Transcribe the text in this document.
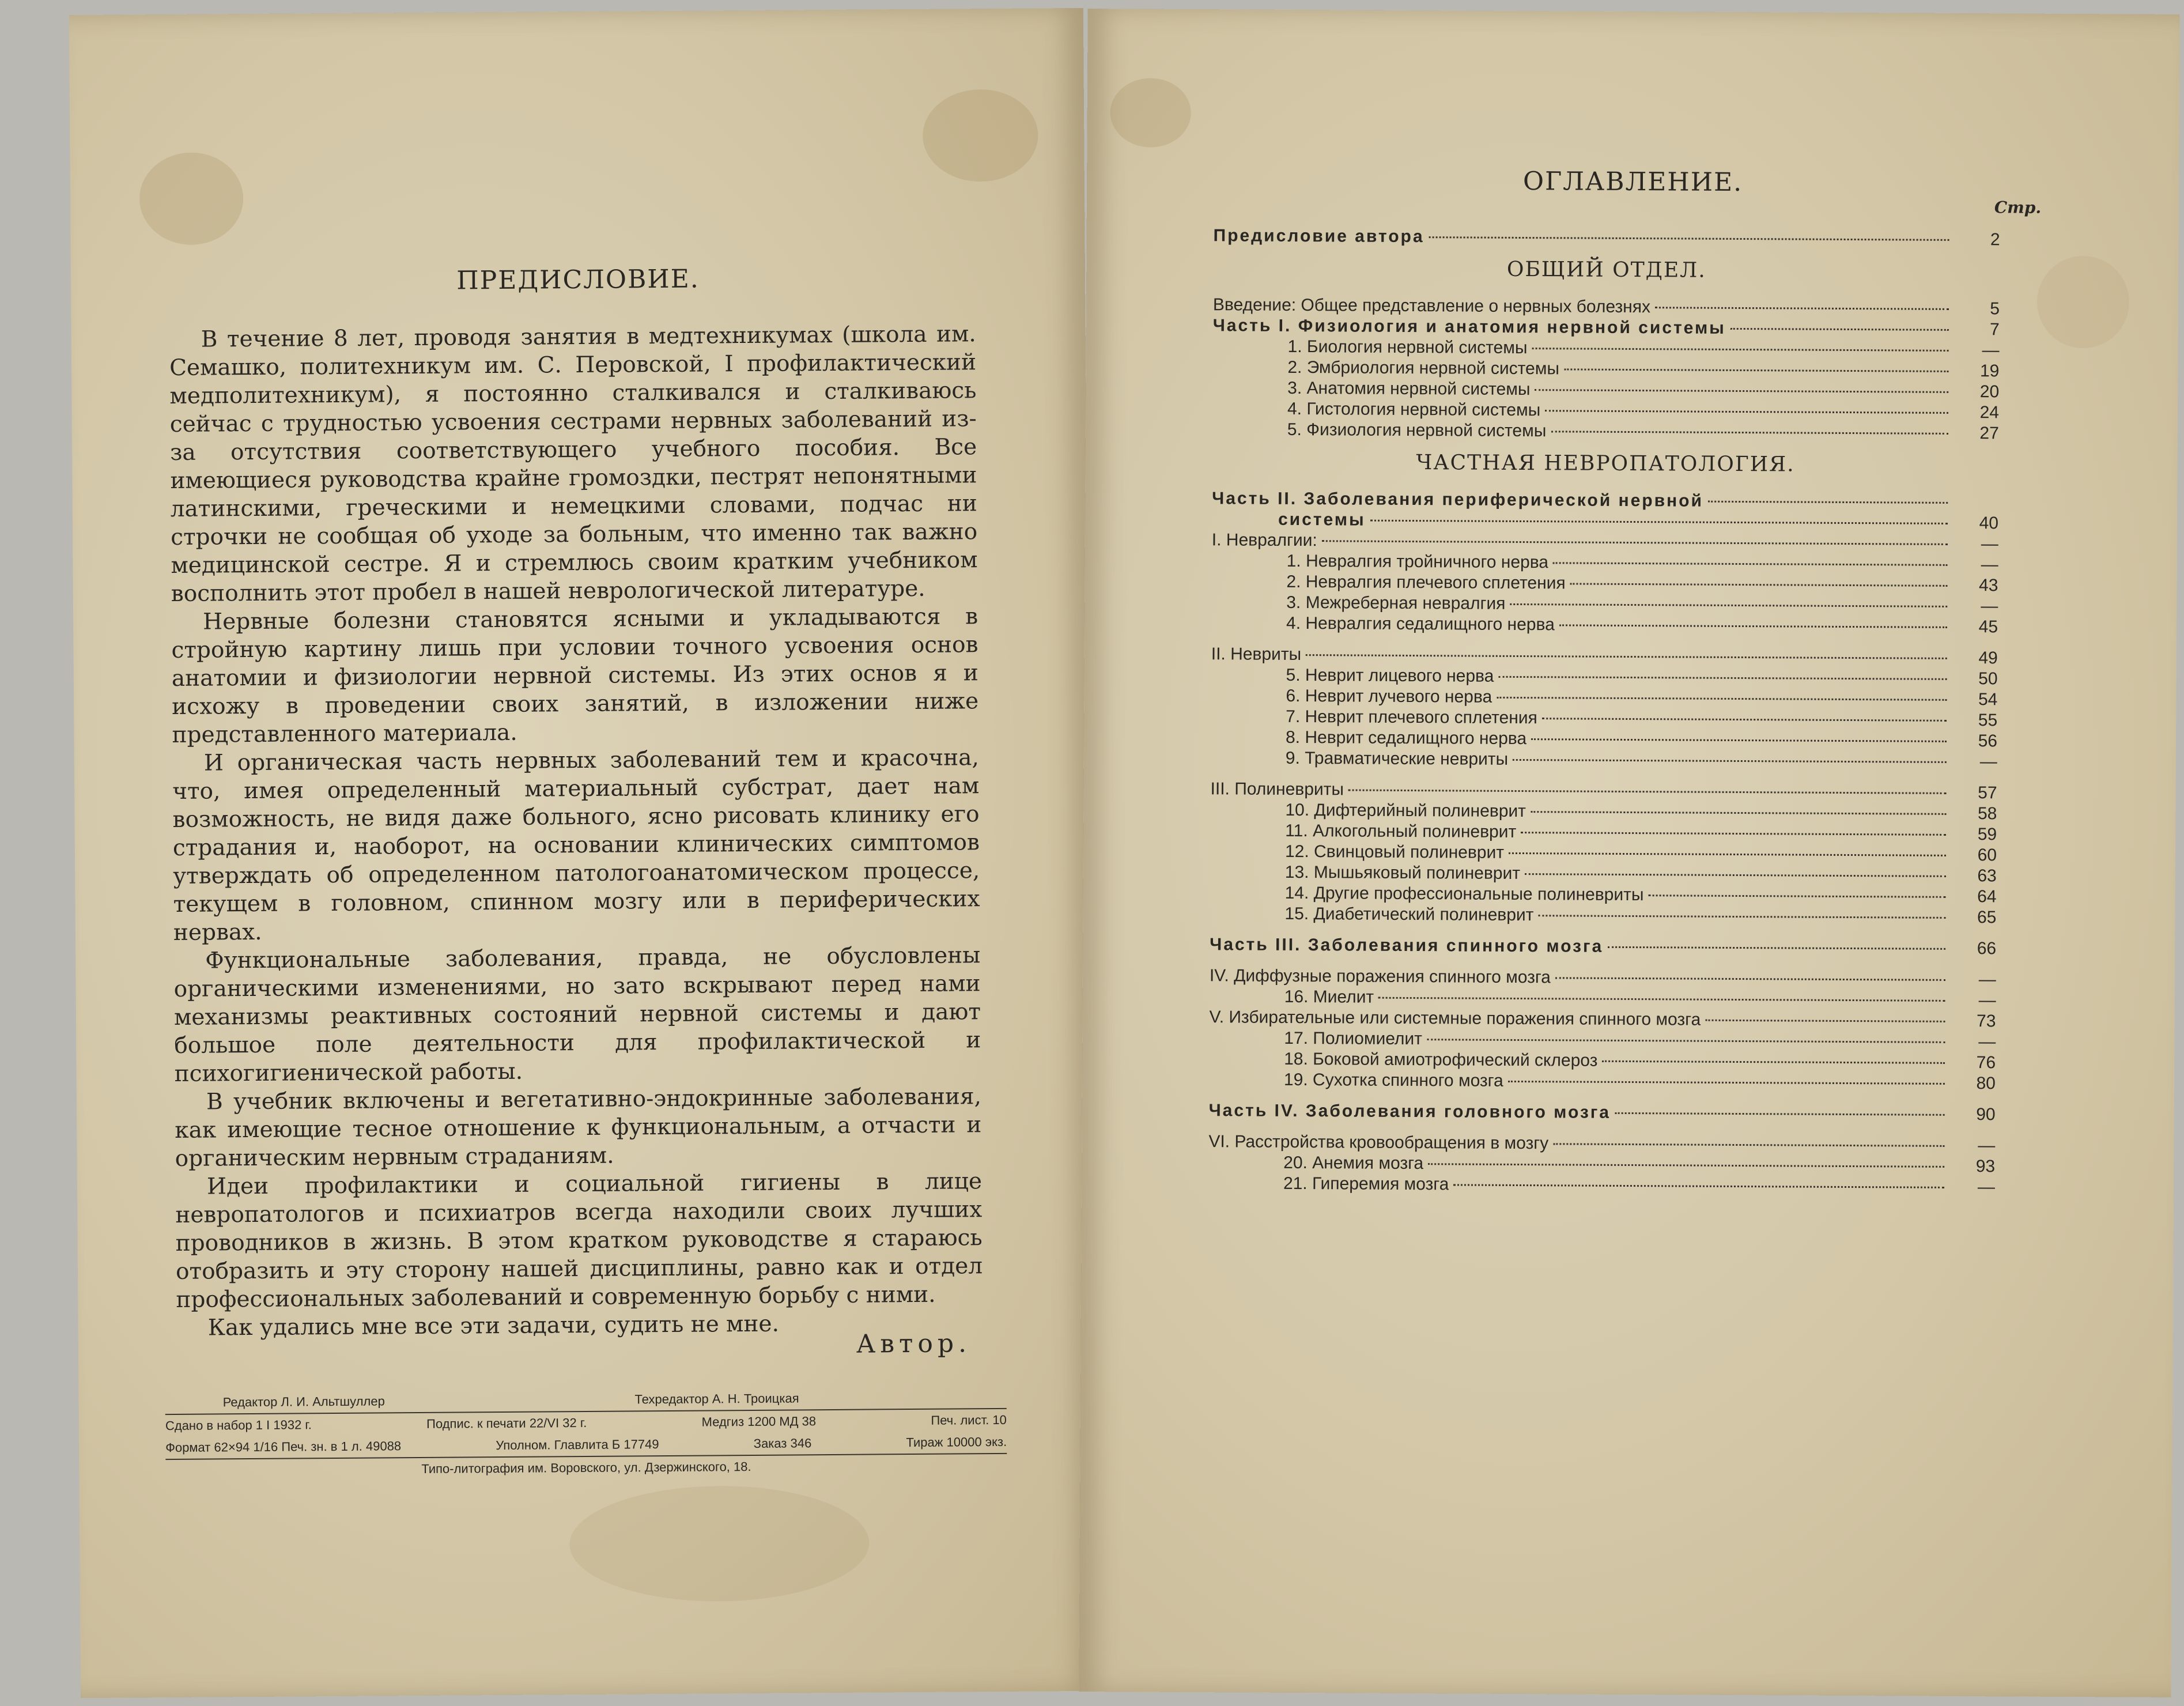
ПРЕДИСЛОВИЕ.

В течение 8 лет, проводя занятия в медтехникумах (школа им. Семашко, политехникум им. С. Перовской, I профилактический медполитехникум), я постоянно сталкивался и сталкиваюсь сейчас с трудностью усвоения сестрами нервных заболеваний из-за отсутствия соответствующего учебного пособия. Все имеющиеся руководства крайне громоздки, пестрят непонятными латинскими, греческими и немецкими словами, подчас ни строчки не сообщая об уходе за больным, что именно так важно медицинской сестре. Я и стремлюсь своим кратким учебником восполнить этот пробел в нашей неврологической литературе.

Нервные болезни становятся ясными и укладываются в стройную картину лишь при условии точного усвоения основ анатомии и физиологии нервной системы. Из этих основ я и исхожу в проведении своих занятий, в изложении ниже представленного материала.

И органическая часть нервных заболеваний тем и красочна, что, имея определенный материальный субстрат, дает нам возможность, не видя даже больного, ясно рисовать клинику его страдания и, наоборот, на основании клинических симптомов утверждать об определенном патологоанатомическом процессе, текущем в головном, спинном мозгу или в периферических нервах.

Функциональные заболевания, правда, не обусловлены органическими изменениями, но зато вскрывают перед нами механизмы реактивных состояний нервной системы и дают большое поле деятельности для профилактической и психогигиенической работы.

В учебник включены и вегетативно-эндокринные заболевания, как имеющие тесное отношение к функциональным, а отчасти и органическим нервным страданиям.

Идеи профилактики и социальной гигиены в лице невропатологов и психиатров всегда находили своих лучших проводников в жизнь. В этом кратком руководстве я стараюсь отобразить и эту сторону нашей дисциплины, равно как и отдел профессиональных заболеваний и современную борьбу с ними.

Как удались мне все эти задачи, судить не мне.

Автор.
Редактор Л. И. Альтшуллер	Техредактор А. Н. Троицкая
Сдано в набор 1 I 1932 г.	Подпис. к печати 22/VI 32 г.	Медгиз 1200 МД 38	Печ. лист. 10
Формат 62×94 1/16 Печ. зн. в 1 л. 49088	Уполном. Главлита Б 17749	Заказ 346	Тираж 10000 экз.
Типо-литография им. Воровского, ул. Дзержинского, 18.
ОГЛАВЛЕНИЕ.
Стр.
Предисловие автора	2
ОБЩИЙ ОТДЕЛ.
Введение: Общее представление о нервных болезнях	5
Часть I. Физиология и анатомия нервной системы	7
1. Биология нервной системы	—
2. Эмбриология нервной системы	19
3. Анатомия нервной системы	20
4. Гистология нервной системы	24
5. Физиология нервной системы	27
ЧАСТНАЯ НЕВРОПАТОЛОГИЯ.
Часть II. Заболевания периферической нервной
системы	40
I. Невралгии:	—
1. Невралгия тройничного нерва	—
2. Невралгия плечевого сплетения	43
3. Межреберная невралгия	—
4. Невралгия седалищного нерва	45
II. Невриты	49
5. Неврит лицевого нерва	50
6. Неврит лучевого нерва	54
7. Неврит плечевого сплетения	55
8. Неврит седалищного нерва	56
9. Травматические невриты	—
III. Полиневриты	57
10. Дифтерийный полиневрит	58
11. Алкогольный полиневрит	59
12. Свинцовый полиневрит	60
13. Мышьяковый полиневрит	63
14. Другие профессиональные полиневриты	64
15. Диабетический полиневрит	65
Часть III. Заболевания спинного мозга	66
IV. Диффузные поражения спинного мозга	—
16. Миелит	—
V. Избирательные или системные поражения спинного мозга	73
17. Полиомиелит	—
18. Боковой амиотрофический склероз	76
19. Сухотка спинного мозга	80
Часть IV. Заболевания головного мозга	90
VI. Расстройства кровообращения в мозгу	—
20. Анемия мозга	93
21. Гиперемия мозга	—
